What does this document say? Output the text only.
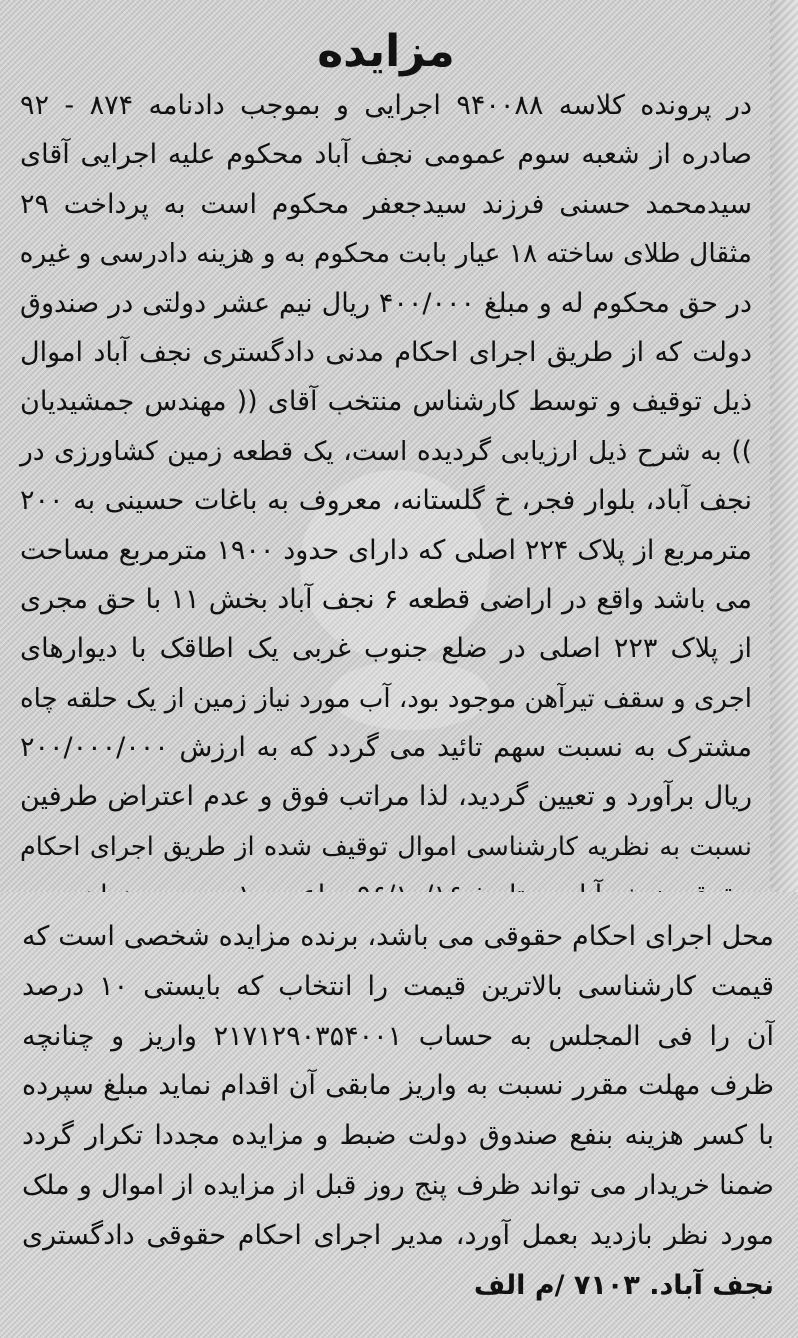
مزایده
در پرونده کلاسه ۹۴۰۰۸۸ اجرایی و بموجب دادنامه ۸۷۴ - ۹۲
صادره از شعبه سوم عمومی نجف آباد محکوم علیه اجرایی آقای
سیدمحمد حسنی فرزند سیدجعفر محکوم است به پرداخت ۲۹
مثقال طلای ساخته ۱۸ عیار بابت محکوم به و هزینه دادرسی و غیره
در حق محکوم له و مبلغ ۴۰۰/۰۰۰ ریال نیم عشر دولتی در صندوق
دولت که از طریق اجرای احکام مدنی دادگستری نجف آباد اموال
ذیل توقیف و توسط کارشناس منتخب آقای (( مهندس جمشیدیان
)) به شرح ذیل ارزیابی گردیده است، یک قطعه زمین کشاورزی در
نجف آباد، بلوار فجر، خ گلستانه، معروف به باغات حسینی به ۲۰۰
مترمربع از پلاک ۲۲۴ اصلی که دارای حدود ۱۹۰۰ مترمربع مساحت
می باشد واقع در اراضی قطعه ۶ نجف آباد بخش ۱۱ با حق مجری
از پلاک ۲۲۳ اصلی در ضلع جنوب غربی یک اطاقک با دیوارهای
اجری و سقف تیرآهن موجود بود، آب مورد نیاز زمین از یک حلقه چاه
مشترک به نسبت سهم تائید می گردد که به ارزش ۲۰۰/۰۰۰/۰۰۰
ریال برآورد و تعیین گردید، لذا مراتب فوق و عدم اعتراض طرفین
نسبت به نظریه کارشناسی اموال توقیف شده از طریق اجرای احکام
محل اجرای احکام حقوقی می باشد، برنده مزایده شخصی است که
قیمت کارشناسی بالاترین قیمت را انتخاب که بایستی ۱۰ درصد
آن را فی المجلس به حساب ۲۱۷۱۲۹۰۳۵۴۰۰۱ واریز و چنانچه
ظرف مهلت مقرر نسبت به واریز مابقی آن اقدام نماید مبلغ سپرده
با کسر هزینه بنفع صندوق دولت ضبط و مزایده مجددا تکرار گردد
ضمنا خریدار می تواند ظرف پنج روز قبل از مزایده از اموال و ملک
مورد نظر بازدید بعمل آورد، مدیر اجرای احکام حقوقی دادگستری
نجف آباد. ۷۱۰۳ /م الف
